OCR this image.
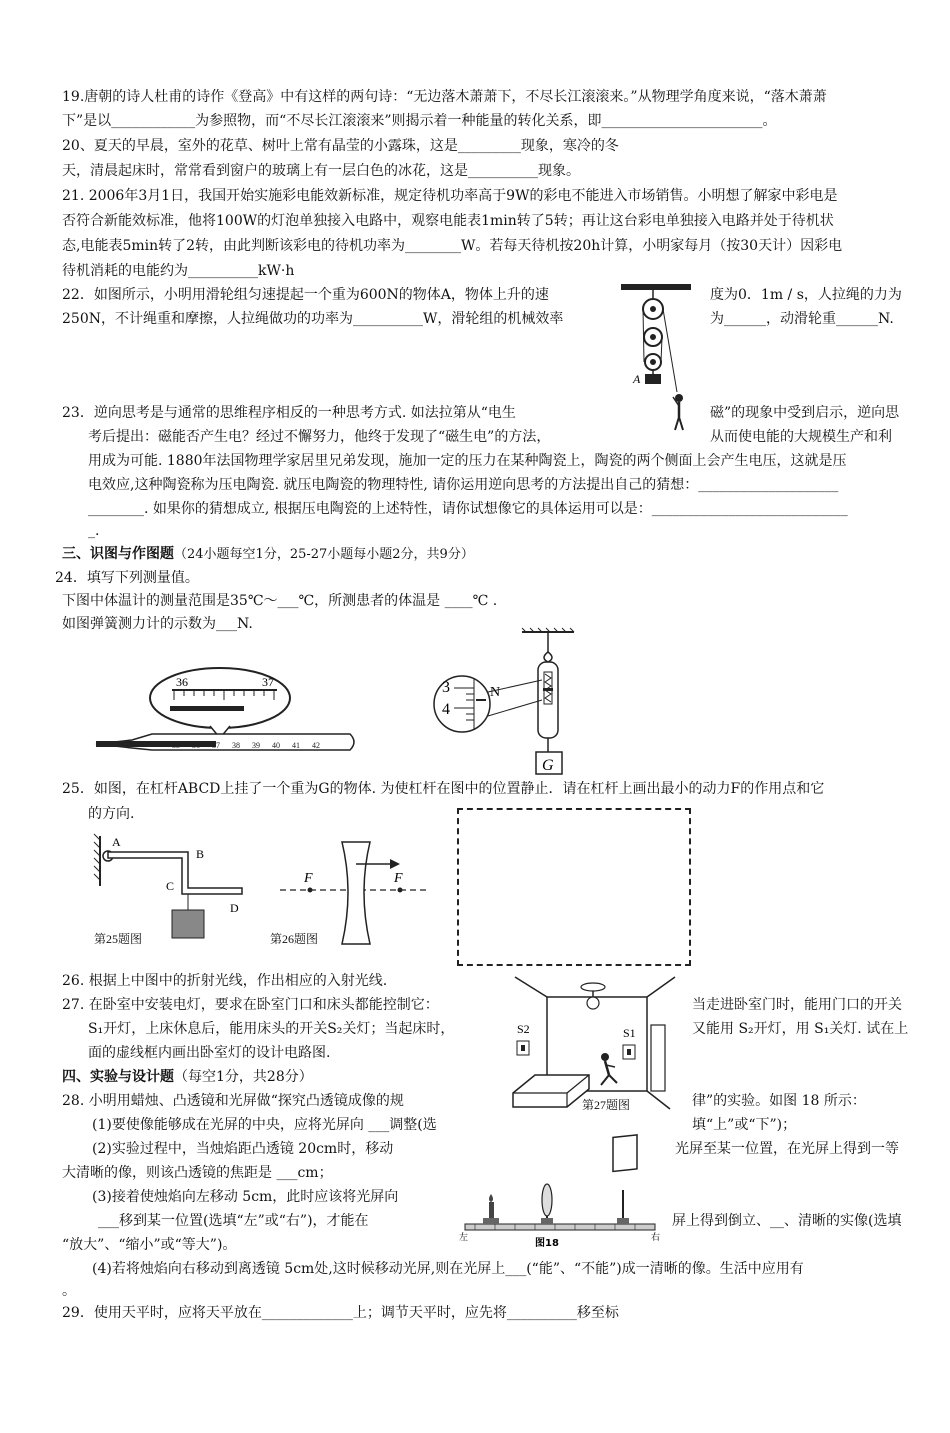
19.唐朝的诗人杜甫的诗作《登高》中有这样的两句诗：“无边落木萧萧下，不尽长江滚滚来。”从物理学角度来说，“落木萧萧
下”是以____________为参照物，而“不尽长江滚滚来”则揭示着一种能量的转化关系，即_______________________。
20、夏天的早晨，室外的花草、树叶上常有晶莹的小露珠，这是_________现象，寒冷的冬
天，清晨起床时，常常看到窗户的玻璃上有一层白色的冰花，这是__________现象。
21. 2006年3月1日，我国开始实施彩电能效新标准，规定待机功率高于9W的彩电不能进入市场销售。小明想了解家中彩电是
否符合新能效标准，他将100W的灯泡单独接入电路中，观察电能表1min转了5转；再让这台彩电单独接入电路并处于待机状
态,电能表5min转了2转，由此判断该彩电的待机功率为________W。若每天待机按20h计算，小明家每月（按30天计）因彩电
待机消耗的电能约为__________kW·h
22．如图所示，小明用滑轮组匀速提起一个重为600N的物体A，物体上升的速
250N，不计绳重和摩擦，人拉绳做功的功率为__________W，滑轮组的机械效率
度为0．1m / s，人拉绳的力为
为______，动滑轮重______N.
23．逆向思考是与通常的思维程序相反的一种思考方式. 如法拉第从“电生	磁”的现象中受到启示，逆向思
考后提出：磁能否产生电？经过不懈努力，他终于发现了“磁生电”的方法，	从而使电能的大规模生产和利
用成为可能. 1880年法国物理学家居里兄弟发现，施加一定的压力在某种陶瓷上，陶瓷的两个侧面上会产生电压，这就是压
电效应,这种陶瓷称为压电陶瓷. 就压电陶瓷的物理特性, 请你运用逆向思考的方法提出自己的猜想：____________________
________. 如果你的猜想成立, 根据压电陶瓷的上述特性，请你试想像它的具体运用可以是：____________________________
_.
三、识图与作图题（24小题每空1分，25-27小题每小题2分，共9分）
24．填写下列测量值。
下图中体温计的测量范围是35℃～___℃，所测患者的体温是 ____℃ .
如图弹簧测力计的示数为___N.
25．如图，在杠杆ABCD上挂了一个重为G的物体. 为使杠杆在图中的位置静止．请在杠杆上画出最小的动力F的作用点和它
的方向.
26. 根据上中图中的折射光线，作出相应的入射光线.
27. 在卧室中安装电灯，要求在卧室门口和床头都能控制它：	当走进卧室门时，能用门口的开关
S₁开灯，上床休息后，能用床头的开关S₂关灯；当起床时，	又能用 S₂开灯，用 S₁关灯. 试在上
面的虚线框内画出卧室灯的设计电路图.
四、实验与设计题（每空1分，共28分）
28. 小明用蜡烛、凸透镜和光屏做“探究凸透镜成像的规	律”的实验。如图 18 所示：
(1)要使像能够成在光屏的中央，应将光屏向 ___调整(选	填“上”或“下”)；
(2)实验过程中，当烛焰距凸透镜 20cm时，移动	光屏至某一位置，在光屏上得到一等
大清晰的像，则该凸透镜的焦距是 ___cm；
(3)接着使烛焰向左移动 5cm，此时应该将光屏向
___移到某一位置(选填“左”或“右”)，才能在	屏上得到倒立、__、清晰的实像(选填
“放大”、“缩小”或“等大”)。
(4)若将烛焰向右移动到离透镜 5cm处,这时候移动光屏,则在光屏上___(“能”、“不能”)成一清晰的像。生活中应用有
。
29．使用天平时，应将天平放在_____________上；调节天平时，应先将__________移至标
A
36	37
35 36 37 38 39 40 41 42
G
3
4
N
A
B
C
D
第25题图
F	F
第26题图
S2	S1
第27题图
左	右
图18
